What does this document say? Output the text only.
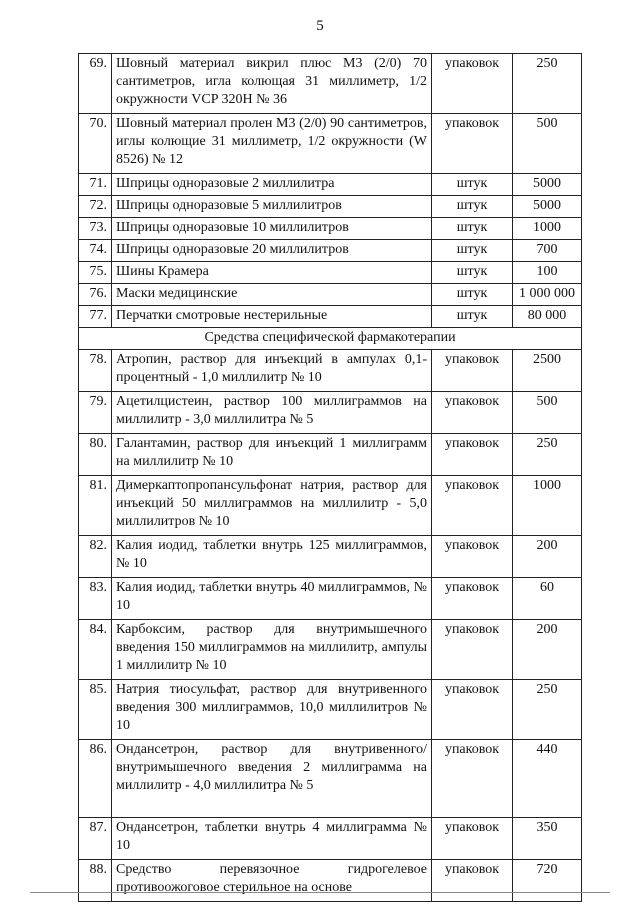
5
69.	Шовный материал викрил плюс М3 (2/0) 70 сантиметров, игла колющая 31 миллиметр, 1/2 окружности VCP 320H № 36	упаковок	250
70.	Шовный материал пролен М3 (2/0) 90 сантиметров, иглы колющие 31 миллиметр, 1/2 окружности (W 8526) № 12	упаковок	500
71.	Шприцы одноразовые 2 миллилитра	штук	5000
72.	Шприцы одноразовые 5 миллилитров	штук	5000
73.	Шприцы одноразовые 10 миллилитров	штук	1000
74.	Шприцы одноразовые 20 миллилитров	штук	700
75.	Шины Крамера	штук	100
76.	Маски медицинские	штук	1 000 000
77.	Перчатки смотровые нестерильные	штук	80 000
Средства специфической фармакотерапии			
78.	Атропин, раствор для инъекций в ампулах 0,1-процентный - 1,0 миллилитр № 10	упаковок	2500
79.	Ацетилцистеин, раствор 100 миллиграммов на миллилитр - 3,0 миллилитра № 5	упаковок	500
80.	Галантамин, раствор для инъекций 1 миллиграмм на миллилитр № 10	упаковок	250
81.	Димеркаптопропансульфонат натрия, раствор для инъекций 50 миллиграммов на миллилитр - 5,0 миллилитров № 10	упаковок	1000
82.	Калия иодид, таблетки внутрь 125 миллиграммов, № 10	упаковок	200
83.	Калия иодид, таблетки внутрь 40 миллиграммов, № 10	упаковок	60
84.	Карбоксим, раствор для внутримышечного введения 150 миллиграммов на миллилитр, ампулы 1 миллилитр № 10	упаковок	200
85.	Натрия тиосульфат, раствор для внутривенного введения 300 миллиграммов, 10,0 миллилитров № 10	упаковок	250
86.	Ондансетрон, раствор для внутривенного/внутримышечного введения 2 миллиграмма на миллилитр - 4,0 миллилитра № 5	упаковок	440
87.	Ондансетрон, таблетки внутрь 4 миллиграмма № 10	упаковок	350
88.	Средство перевязочное гидрогелевое противоожоговое стерильное на основе	упаковок	720
